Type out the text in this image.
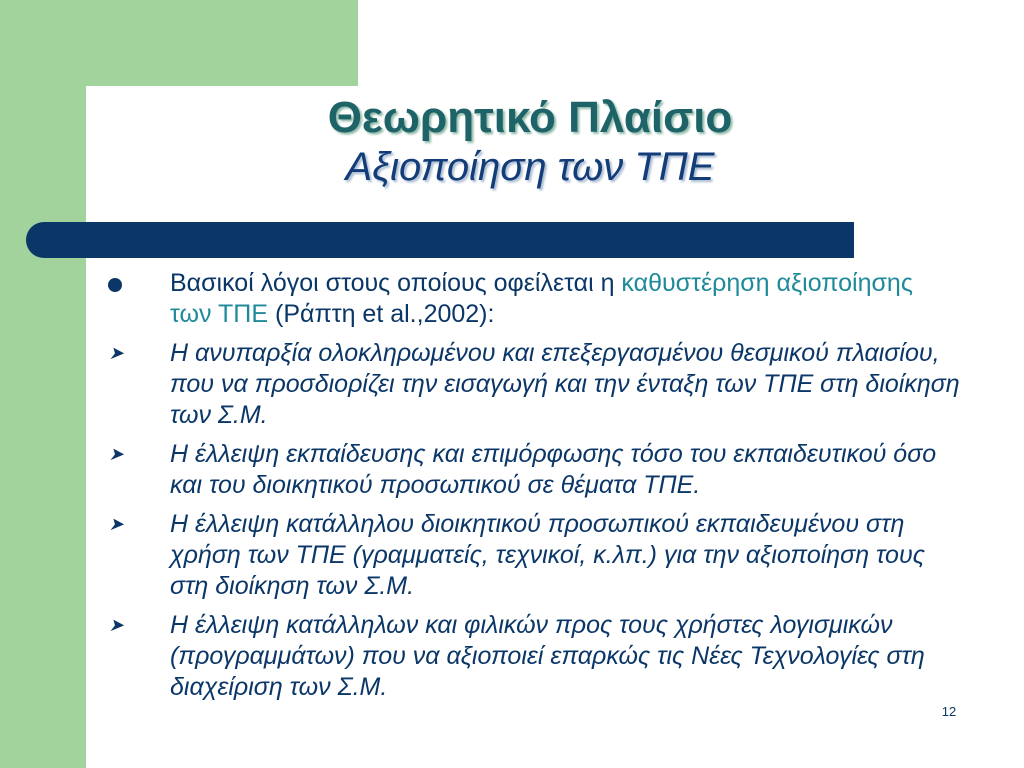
Θεωρητικό Πλαίσιο
Αξιοποίηση των ΤΠΕ
Βασικοί λόγοι στους οποίους οφείλεται η καθυστέρηση αξιοποίησης των ΤΠΕ (Ράπτη et al.,2002):
➤ Η ανυπαρξία ολοκληρωμένου και επεξεργασμένου θεσμικού πλαισίου, που να προσδιορίζει την εισαγωγή και την ένταξη των ΤΠΕ στη διοίκηση των Σ.Μ.
➤ Η έλλειψη εκπαίδευσης και επιμόρφωσης τόσο του εκπαιδευτικού όσο και του διοικητικού προσωπικού σε θέματα ΤΠΕ.
➤ Η έλλειψη κατάλληλου διοικητικού προσωπικού εκπαιδευμένου στη χρήση των ΤΠΕ (γραμματείς, τεχνικοί, κ.λπ.) για την αξιοποίηση τους στη διοίκηση των Σ.Μ.
➤ Η έλλειψη κατάλληλων και φιλικών προς τους χρήστες λογισμικών (προγραμμάτων) που να αξιοποιεί επαρκώς τις Νέες Τεχνολογίες στη διαχείριση των Σ.Μ.
12
